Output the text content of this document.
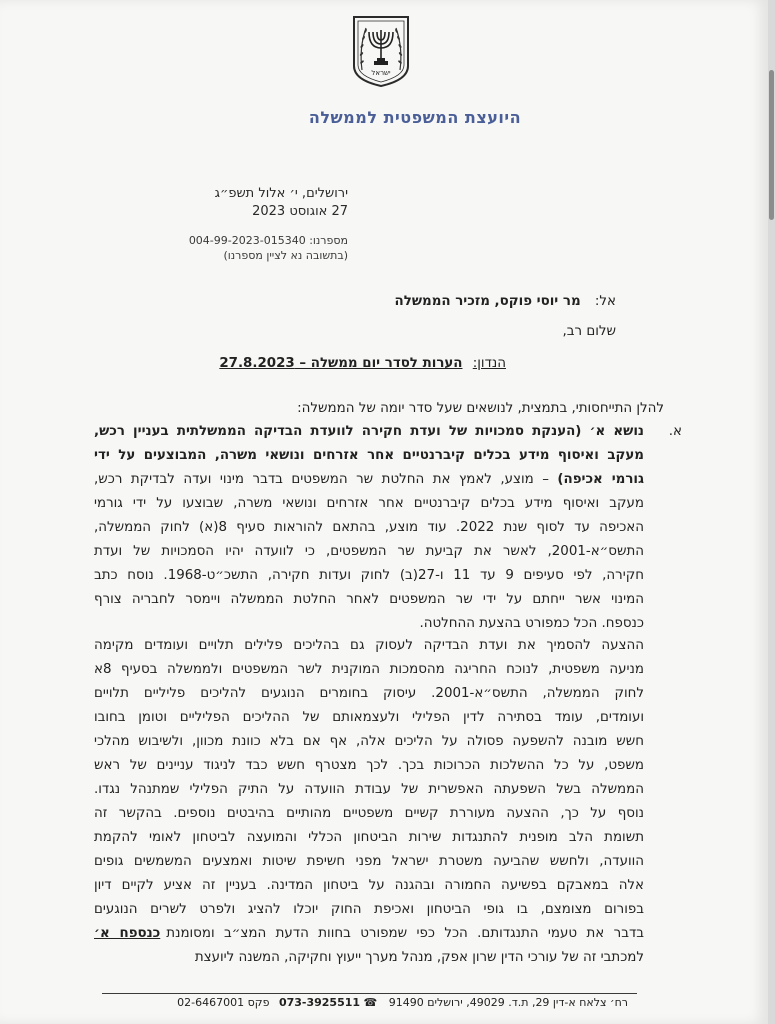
ישראל
היועצת המשפטית לממשלה
ירושלים, י׳ אלול תשפ״ג
27 אוגוסט 2023
מספרנו: 004-99-2023-015340
(בתשובה נא לציין מספרנו)
אל: מר יוסי פוקס, מזכיר הממשלה
שלום רב,
הנדון: הערות לסדר יום ממשלה – 27.8.2023
להלן התייחסותי, בתמצית, לנושאים שעל סדר יומה של הממשלה:
א.
נושא א׳ (הענקת סמכויות של ועדת חקירה לוועדת הבדיקה הממשלתית בעניין רכש,
מעקב ואיסוף מידע בכלים קיברנטיים אחר אזרחים ונושאי משרה, המבוצעים על ידי
גורמי אכיפה) – מוצע, לאמץ את החלטת שר המשפטים בדבר מינוי ועדה לבדיקת רכש,
מעקב ואיסוף מידע בכלים קיברנטיים אחר אזרחים ונושאי משרה, שבוצעו על ידי גורמי
האכיפה עד לסוף שנת 2022. עוד מוצע, בהתאם להוראות סעיף 8(א) לחוק הממשלה,
התשס״א-2001, לאשר את קביעת שר המשפטים, כי לוועדה יהיו הסמכויות של ועדת
חקירה, לפי סעיפים 9 עד 11 ו-27(ב) לחוק ועדות חקירה, התשכ״ט-1968. נוסח כתב
המינוי אשר ייחתם על ידי שר המשפטים לאחר החלטת הממשלה ויימסר לחבריה צורף
כנספח. הכל כמפורט בהצעת ההחלטה.
ההצעה להסמיך את ועדת הבדיקה לעסוק גם בהליכים פלילים תלויים ועומדים מקימה
מניעה משפטית, לנוכח החריגה מהסמכות המוקנית לשר המשפטים ולממשלה בסעיף 8א
לחוק הממשלה, התשס״א-2001. עיסוק בחומרים הנוגעים להליכים פליליים תלויים
ועומדים, עומד בסתירה לדין הפלילי ולעצמאותם של ההליכים הפליליים וטומן בחובו
חשש מובנה להשפעה פסולה על הליכים אלה, אף אם בלא כוונת מכוון, ולשיבוש מהלכי
משפט, על כל ההשלכות הכרוכות בכך. לכך מצטרף חשש כבד לניגוד עניינים של ראש
הממשלה בשל השפעתה האפשרית של עבודת הוועדה על התיק הפלילי שמתנהל נגדו.
נוסף על כך, ההצעה מעוררת קשיים משפטיים מהותיים בהיבטים נוספים. בהקשר זה
תשומת הלב מופנית להתנגדות שירות הביטחון הכללי והמועצה לביטחון לאומי להקמת
הוועדה, ולחשש שהביעה משטרת ישראל מפני חשיפת שיטות ואמצעים המשמשים גופים
אלה במאבקם בפשיעה החמורה ובהגנה על ביטחון המדינה. בעניין זה אציע לקיים דיון
בפורום מצומצם, בו גופי הביטחון ואכיפת החוק יוכלו להציג ולפרט לשרים הנוגעים
בדבר את טעמי התנגדותם. הכל כפי שמפורט בחוות הדעת המצ״ב ומסומנתכנספח א׳
למכתבי זה של עורכי הדין שרון אפק, מנהל מערך ייעוץ וחקיקה, המשנה ליועצת
רח׳ צלאח א-דין 29, ת.ד. 49029, ירושלים 91490 ☎ 073-3925511 פקס 02-6467001
